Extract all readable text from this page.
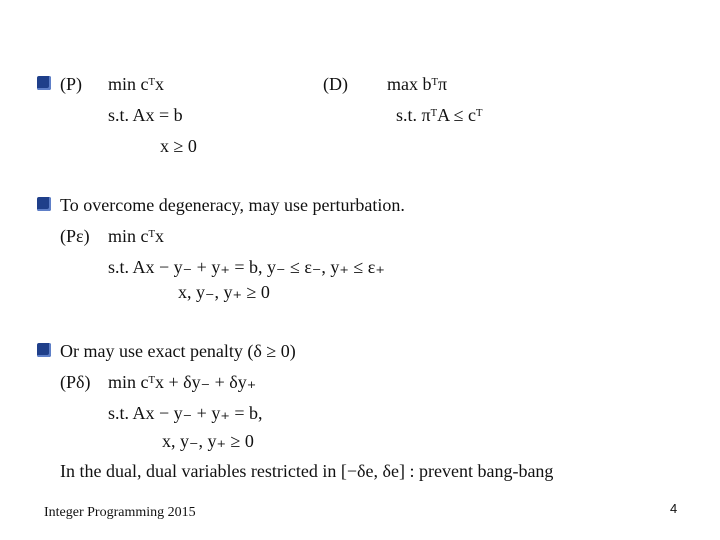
(P) min cᵀx	(D) max bᵀπ
s.t. Ax = b	s.t. πᵀA ≤ cᵀ
x ≥ 0
To overcome degeneracy, may use perturbation.
(Pε) min cᵀx
s.t. Ax − y₋ + y₊ = b, y₋ ≤ ε₋, y₊ ≤ ε₊
x, y₋, y₊ ≥ 0
Or may use exact penalty (δ ≥ 0)
(Pδ) min cᵀx + δy₋ + δy₊
s.t. Ax − y₋ + y₊ = b,
x, y₋, y₊ ≥ 0
In the dual, dual variables restricted in [−δe, δe] : prevent bang-bang
Integer Programming 2015	4
